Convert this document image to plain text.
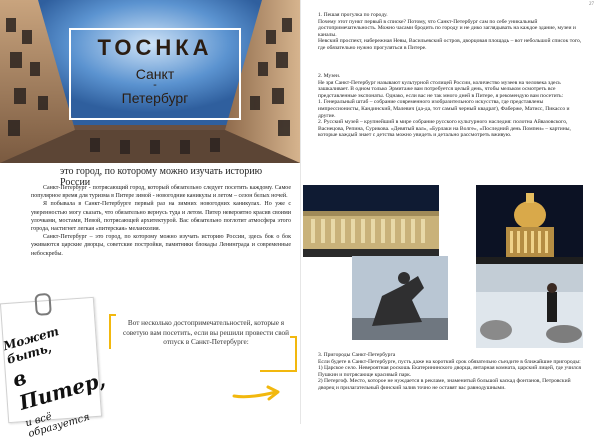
27
ТОСНКА
Санкт
-
Петербург
это город, по которому можно изучать историю России

Санкт-Петербург - потрясающий город, который обязательно следует посетить каждому. Самое популярное время для туризма в Питере зимой - новогодние каникулы и летом – сезон белых ночей.

Я побывала в Санкт-Петербурге первый раз на зимних новогодних каникулах. Но уже с уверенностью могу сказать, что обязательно вернусь туда и летом. Питер невероятно красив своими улочками, мостами, Невой, потрясающей архитектурой. Вас обязательно поглотит атмосфера этого города, настигнет легкая «питерская» меланхолия.

Санкт-Петербург – это город, по которому можно изучать историю России, здесь бок о бок уживаются царские дворцы, советские постройки, памятники блокады Ленинграда и современные небоскребы.

Может быть,
в Питер,
и всё образуется
Вот несколько достопримечательностей, которые я советую вам посетить, если вы решили провести свой отпуск в Санкт-Петербурге:

1. Пешая прогулка по городу.

Почему этот пункт первый в списке? Потому, что Санкт-Петербург сам по себе уникальный достопримечательность. Можно часами бродить по городу и не дико заглядывать на каждое здание, музеи и каналы.

Невский проспект, набережная Невы, Васильевский остров, дворцовая площадь – вот небольшой список того, где обязательно нужно прогуляться в Питере.

2. Музеи.

Не зря Санкт-Петербург называют культурной столицей России, количество музеев на человека здесь зашкаливает. В одном только Эрмитаже вам потребуется целый день, чтобы мельком осмотреть все представленные экспонаты. Однако, если вас не так много дней в Питере, я рекомендую вам посетить:

1. Генеральный штаб – собрание современного изобразительного искусства, где представлены импрессионисты, Кандинский, Малевич (да-да, тот самый черный квадрат), Фаберже, Матисс, Пикассо и другие.

2. Русский музей – крупнейший в мире собрание русского культурного наследия: полотна Айвазовского, Васнецова, Репина, Сурикова. «Девятый вал», «Бурлаки на Волге», «Последний день Помпеи» – картины, которые каждый знает с детства можно увидеть и детально рассмотреть вживую.

3. Пригороды Санкт-Петербурга

Если будете в Санкт-Петербурге, пусть даже на короткий срок обязательно съездите в ближайшие пригороды:

1) Царское село. Невероятная роскошь Екатерининского дворца, янтарная комната, царский лицей, где учился Пушкин и потрясающе красивый парк.

2) Петергоф. Место, которое не нуждается в рекламе, знаменитый большой каскад фонтанов, Петровский дворец и прилагательный финский залив точно не оставят вас равнодушными.
